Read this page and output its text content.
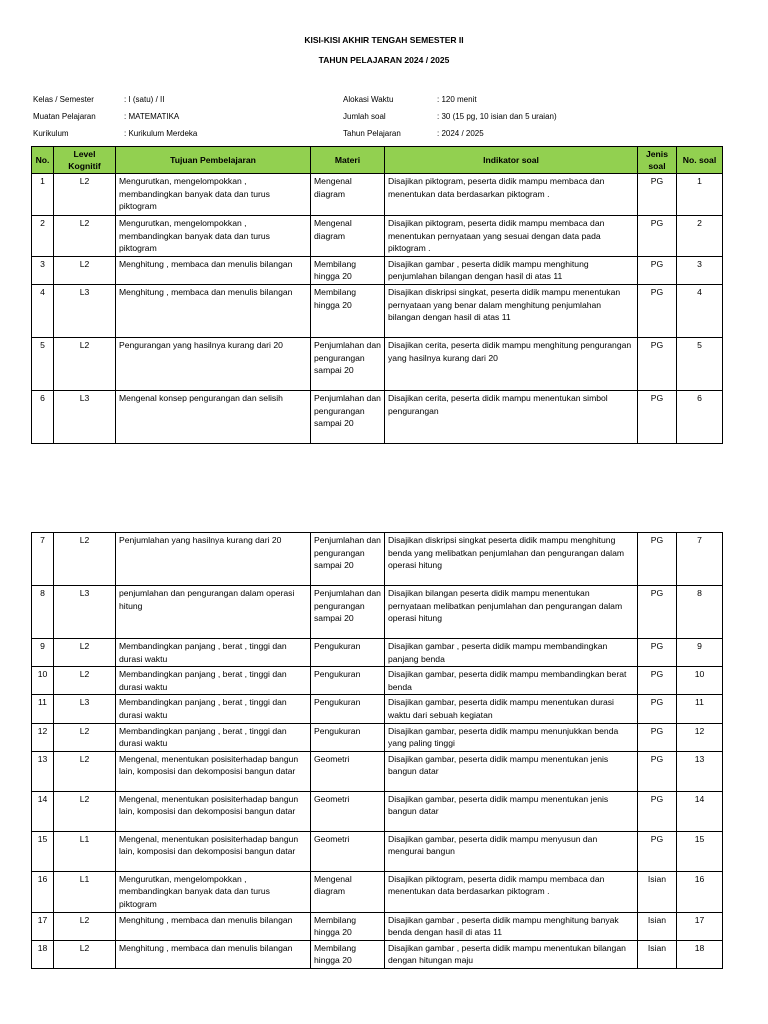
KISI-KISI AKHIR TENGAH SEMESTER II
TAHUN PELAJARAN 2024 / 2025
Kelas / Semester	: I (satu) / II
Muatan Pelajaran	: MATEMATIKA
Kurikulum	: Kurikulum Merdeka
Alokasi Waktu	: 120 menit
Jumlah soal	: 30 (15 pg, 10 isian dan 5 uraian)
Tahun Pelajaran	: 2024 / 2025
No.	Level Kognitif	Tujuan Pembelajaran	Materi	Indikator soal	Jenis soal	No. soal
1	L2	Mengurutkan, mengelompokkan , membandingkan banyak data dan turus piktogram	Mengenal diagram	Disajikan piktogram, peserta didik mampu membaca dan menentukan data berdasarkan piktogram .	PG	1
2	L2	Mengurutkan, mengelompokkan , membandingkan banyak data dan turus piktogram	Mengenal diagram	Disajikan piktogram, peserta didik mampu membaca dan menentukan pernyataan yang sesuai dengan data pada piktogram .	PG	2
3	L2	Menghitung , membaca dan menulis bilangan	Membilang hingga 20	Disajikan gambar , peserta didik mampu menghitung penjumlahan bilangan dengan hasil di atas 11	PG	3
4	L3	Menghitung , membaca dan menulis bilangan	Membilang hingga 20	Disajikan diskripsi singkat, peserta didik mampu menentukan pernyataan yang benar dalam menghitung penjumlahan bilangan dengan hasil di atas 11	PG	4
5	L2	Pengurangan yang hasilnya kurang dari 20	Penjumlahan dan pengurangan sampai 20	Disajikan cerita, peserta didik mampu menghitung pengurangan yang hasilnya kurang dari 20	PG	5
6	L3	Mengenal konsep pengurangan dan selisih	Penjumlahan dan pengurangan sampai 20	Disajikan cerita, peserta didik mampu menentukan simbol pengurangan	PG	6
7	L2	Penjumlahan yang hasilnya kurang dari 20	Penjumlahan dan pengurangan sampai 20	Disajikan diskripsi singkat peserta didik mampu menghitung benda yang melibatkan penjumlahan dan pengurangan dalam operasi hitung	PG	7
8	L3	penjumlahan dan pengurangan dalam operasi hitung	Penjumlahan dan pengurangan sampai 20	Disajikan bilangan peserta didik mampu menentukan pernyataan melibatkan penjumlahan dan pengurangan dalam operasi hitung	PG	8
9	L2	Membandingkan panjang , berat , tinggi dan durasi waktu	Pengukuran	Disajikan gambar , peserta didik mampu membandingkan panjang benda	PG	9
10	L2	Membandingkan panjang , berat , tinggi dan durasi waktu	Pengukuran	Disajikan gambar, peserta didik mampu membandingkan berat benda	PG	10
11	L3	Membandingkan panjang , berat , tinggi dan durasi waktu	Pengukuran	Disajikan gambar, peserta didik mampu menentukan durasi waktu dari sebuah kegiatan	PG	11
12	L2	Membandingkan panjang , berat , tinggi dan durasi waktu	Pengukuran	Disajikan gambar, peserta didik mampu menunjukkan benda yang paling tinggi	PG	12
13	L2	Mengenal, menentukan posisiterhadap bangun lain, komposisi dan dekomposisi bangun datar	Geometri	Disajikan gambar, peserta didik mampu menentukan jenis bangun datar	PG	13
14	L2	Mengenal, menentukan posisiterhadap bangun lain, komposisi dan dekomposisi bangun datar	Geometri	Disajikan gambar, peserta didik mampu menentukan jenis bangun datar	PG	14
15	L1	Mengenal, menentukan posisiterhadap bangun lain, komposisi dan dekomposisi bangun datar	Geometri	Disajikan gambar, peserta didik mampu menyusun dan mengurai bangun	PG	15
16	L1	Mengurutkan, mengelompokkan , membandingkan banyak data dan turus piktogram	Mengenal diagram	Disajikan piktogram, peserta didik mampu membaca dan menentukan data berdasarkan piktogram .	Isian	16
17	L2	Menghitung , membaca dan menulis bilangan	Membilang hingga 20	Disajikan gambar , peserta didik mampu menghitung banyak benda dengan hasil di atas 11	Isian	17
18	L2	Menghitung , membaca dan menulis bilangan	Membilang hingga 20	Disajikan gambar , peserta didik mampu menentukan bilangan dengan hitungan maju	Isian	18
